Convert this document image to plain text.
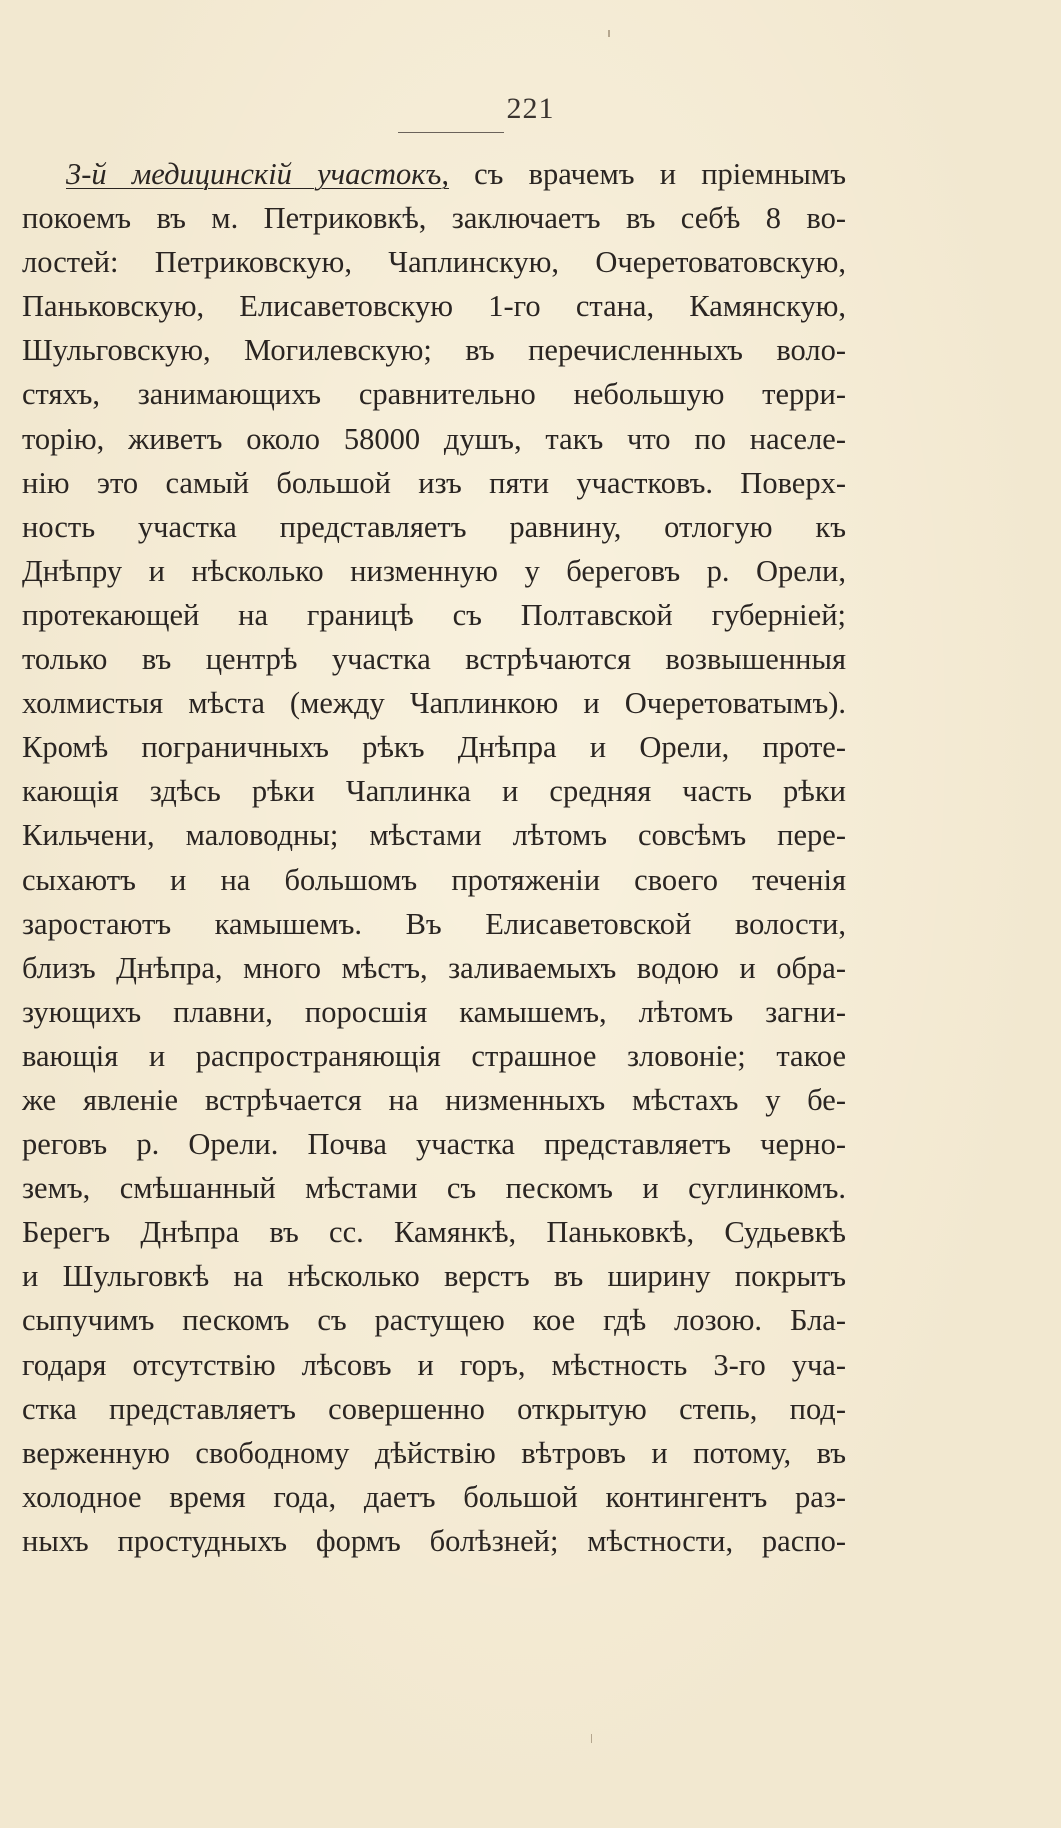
221
3-й медицинскій участокъ, съ врачемъ и пріемнымъ
покоемъ въ м. Петриковкѣ, заключаетъ въ себѣ 8 во-
лостей: Петриковскую, Чаплинскую, Очеретоватовскую,
Паньковскую, Елисаветовскую 1-го стана, Камянскую,
Шульговскую, Могилевскую; въ перечисленныхъ воло-
стяхъ, занимающихъ сравнительно небольшую терри-
торію, живетъ около 58000 душъ, такъ что по населе-
нію это самый большой изъ пяти участковъ. Поверх-
ность участка представляетъ равнину, отлогую къ
Днѣпру и нѣсколько низменную у береговъ р. Орели,
протекающей на границѣ съ Полтавской губерніей;
только въ центрѣ участка встрѣчаются возвышенныя
холмистыя мѣста (между Чаплинкою и Очеретоватымъ).
Кромѣ пограничныхъ рѣкъ Днѣпра и Орели, проте-
кающія здѣсь рѣки Чаплинка и средняя часть рѣки
Кильчени, маловодны; мѣстами лѣтомъ совсѣмъ пере-
сыхаютъ и на большомъ протяженіи своего теченія
заростаютъ камышемъ. Въ Елисаветовской волости,
близъ Днѣпра, много мѣстъ, заливаемыхъ водою и обра-
зующихъ плавни, поросшія камышемъ, лѣтомъ загни-
вающія и распространяющія страшное зловоніе; такое
же явленіе встрѣчается на низменныхъ мѣстахъ у бе-
реговъ р. Орели. Почва участка представляетъ черно-
земъ, смѣшанный мѣстами съ пескомъ и суглинкомъ.
Берегъ Днѣпра въ сс. Камянкѣ, Паньковкѣ, Судьевкѣ
и Шульговкѣ на нѣсколько верстъ въ ширину покрытъ
сыпучимъ пескомъ съ растущею кое гдѣ лозою. Бла-
годаря отсутствію лѣсовъ и горъ, мѣстность 3-го уча-
стка представляетъ совершенно открытую степь, под-
верженную свободному дѣйствію вѣтровъ и потому, въ
холодное время года, даетъ большой контингентъ раз-
ныхъ простудныхъ формъ болѣзней; мѣстности, распо-
